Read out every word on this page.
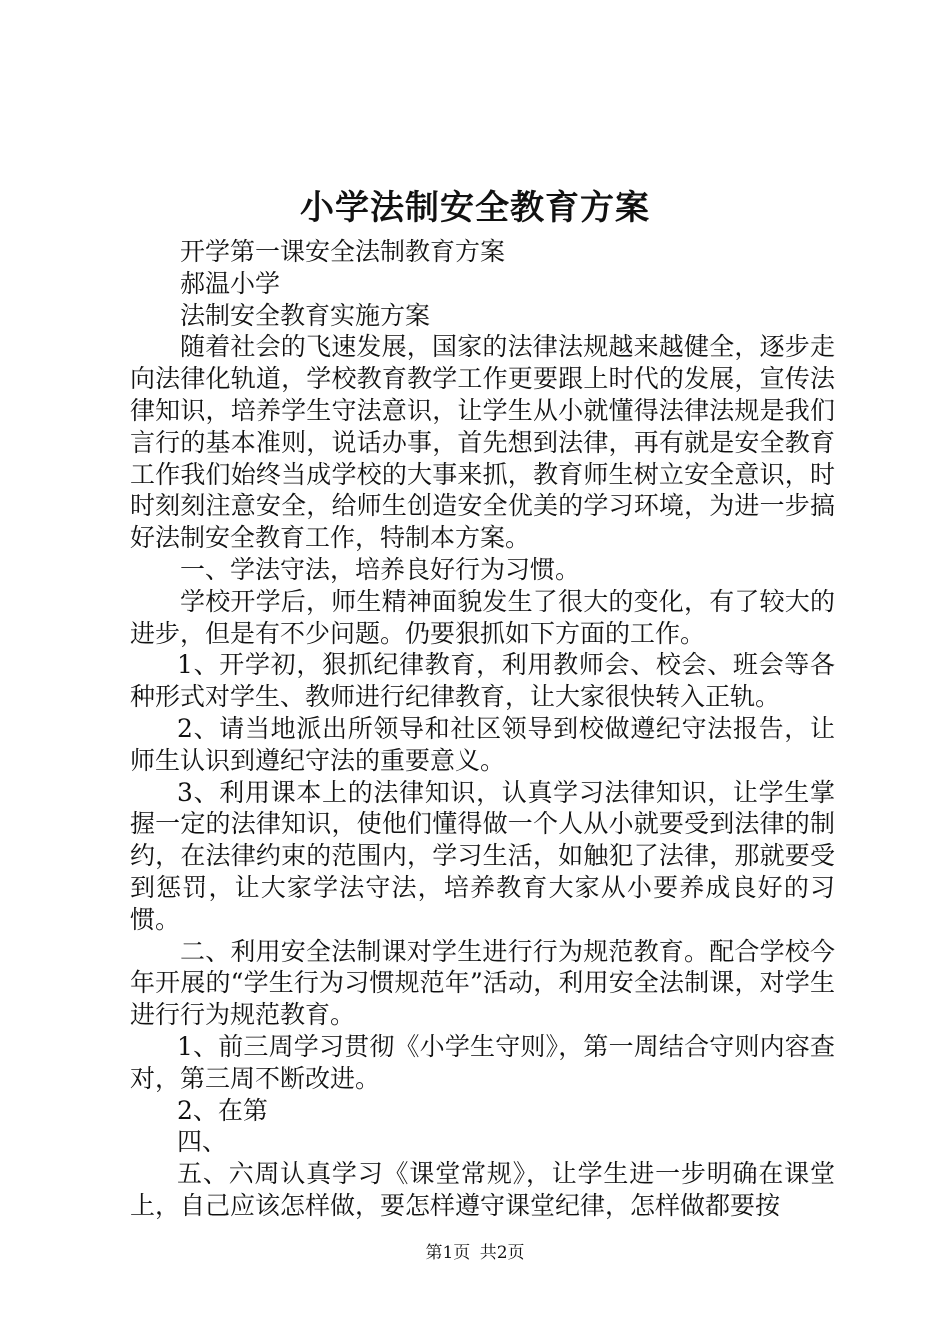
小学法制安全教育方案

开学第一课安全法制教育方案

郝温小学

法制安全教育实施方案

随着社会的飞速发展，国家的法律法规越来越健全，逐步走向法律化轨道，学校教育教学工作更要跟上时代的发展，宣传法律知识，培养学生守法意识，让学生从小就懂得法律法规是我们言行的基本准则，说话办事，首先想到法律，再有就是安全教育工作我们始终当成学校的大事来抓，教育师生树立安全意识，时时刻刻注意安全，给师生创造安全优美的学习环境，为进一步搞好法制安全教育工作，特制本方案。

一、学法守法，培养良好行为习惯。

学校开学后，师生精神面貌发生了很大的变化，有了较大的进步，但是有不少问题。仍要狠抓如下方面的工作。

1、开学初，狠抓纪律教育，利用教师会、校会、班会等各种形式对学生、教师进行纪律教育，让大家很快转入正轨。

2、请当地派出所领导和社区领导到校做遵纪守法报告，让师生认识到遵纪守法的重要意义。

3、利用课本上的法律知识，认真学习法律知识，让学生掌握一定的法律知识，使他们懂得做一个人从小就要受到法律的制约，在法律约束的范围内，学习生活，如触犯了法律，那就要受到惩罚，让大家学法守法，培养教育大家从小要养成良好的习惯。

二、利用安全法制课对学生进行行为规范教育。配合学校今年开展的“学生行为习惯规范年”活动，利用安全法制课，对学生进行行为规范教育。

1、前三周学习贯彻《小学生守则》，第一周结合守则内容查对，第三周不断改进。

2、在第

四、

五、六周认真学习《课堂常规》，让学生进一步明确在课堂上，自己应该怎样做，要怎样遵守课堂纪律，怎样做都要按

第1页 共2页
